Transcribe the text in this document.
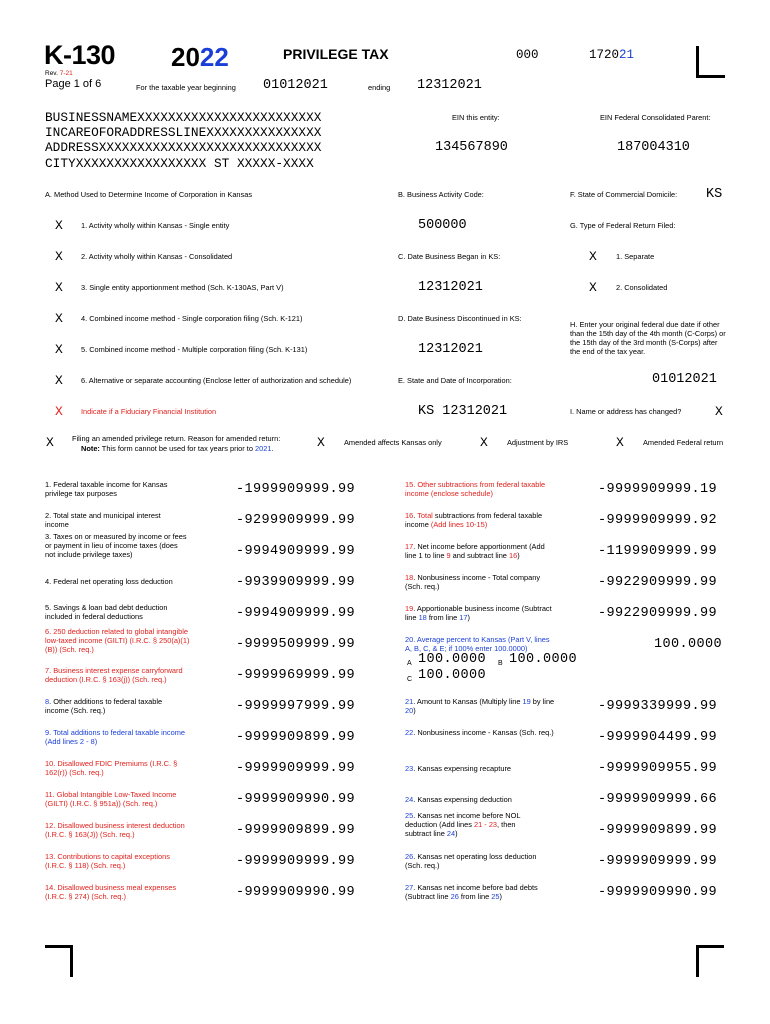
K-130
Rev. 7-21
Page 1 of 6
2022	PRIVILEGE TAX	000	172021
For the taxable year beginning 01012021	ending 12312021
BUSINESSNAMEXXXXXXXXXXXXXXXXXXXXXXXX
INCAREOFORADDRESSLINEXXXXXXXXXXXXXXX
ADDRESSXXXXXXXXXXXXXXXXXXXXXXXXXXXXX
CITYXXXXXXXXXXXXXXXXX ST XXXXX-XXXX
EIN this entity:
134567890
EIN Federal Consolidated Parent:
187004310
A. Method Used to Determine Income of Corporation in Kansas
X 1. Activity wholly within Kansas - Single entity
X 2. Activity wholly within Kansas - Consolidated
X 3. Single entity apportionment method (Sch. K-130AS, Part V)
X 4. Combined income method - Single corporation filing (Sch. K-121)
X 5. Combined income method - Multiple corporation filing (Sch. K-131)
X 6. Alternative or separate accounting (Enclose letter of authorization and schedule)
X Indicate if a Fiduciary Financial Institution
B. Business Activity Code:
500000
C. Date Business Began in KS:
12312021
D. Date Business Discontinued in KS:
12312021
E. State and Date of Incorporation:
KS 12312021
F. State of Commercial Domicile: KS
G. Type of Federal Return Filed:
X	1. Separate
X	2. Consolidated
H. Enter your original federal due date if other than the 15th day of the 4th month (C-Corps) or the 15th day of the 3rd month (S-Corps) after the end of the tax year.
01012021
I. Name or address has changed?	X
X Filing an amended privilege return. Reason for amended return:
Note: This form cannot be used for tax years prior to 2021.	X	Amended affects Kansas only	X	Adjustment by IRS	X	Amended Federal return
1. Federal taxable income for Kansas privilege tax purposes	-1999909999.99
2. Total state and municipal interest income	-9299909999.99
3. Taxes on or measured by income or fees or payment in lieu of income taxes (does not include privilege taxes)	-9994909999.99
4. Federal net operating loss deduction	-9939909999.99
5. Savings & loan bad debt deduction included in federal deductions	-9994909999.99
6. 250 deduction related to global intangible low-taxed income (GILTI) (I.R.C. § 250(a)(1)(B)) (Sch. req.)	-9999509999.99
7. Business interest expense carryforward deduction (I.R.C. § 163(j)) (Sch. req.)	-9999969999.99
8. Other additions to federal taxable income (Sch. req.)	-9999997999.99
9. Total additions to federal taxable income (Add lines 2 - 8)	-9999909899.99
10. Disallowed FDIC Premiums (I.R.C. § 162(r)) (Sch. req.)	-9999909999.99
11. Global Intangible Low-Taxed Income (GILTI) (I.R.C. § 951a)) (Sch. req.)	-9999909990.99
12. Disallowed business interest deduction (I.R.C. § 163(J)) (Sch. req.)	-9999909899.99
13. Contributions to capital exceptions (I.R.C. § 118) (Sch. req.)	-9999909999.99
14. Disallowed business meal expenses (I.R.C. § 274) (Sch. req.)	-9999909990.99
15. Other subtractions from federal taxable income (enclose schedule)	-9999909999.19
16. Total subtractions from federal taxable income (Add lines 10-15)	-9999909999.92
17. Net income before apportionment (Add line 1 to line 9 and subtract line 16)	-1199909999.99
18. Nonbusiness income - Total company (Sch. req.)	-9922909999.99
19. Apportionable business income (Subtract line 18 from line 17)	-9922909999.99
20. Average percent to Kansas (Part V, lines A, B, C, & E; if 100% enter 100.0000)	100.0000
A 100.0000 B 100.0000
C 100.0000
21. Amount to Kansas (Multiply line 19 by line 20)	-9999339999.99
22. Nonbusiness income - Kansas (Sch. req.)	-9999904499.99
23. Kansas expensing recapture	-9999909955.99
24. Kansas expensing deduction	-9999909999.66
25. Kansas net income before NOL deduction (Add lines 21 - 23, then subtract line 24)	-9999909899.99
26. Kansas net operating loss deduction (Sch. req.)	-9999909999.99
27. Kansas net income before bad debts (Subtract line 26 from line 25)	-9999909990.99
